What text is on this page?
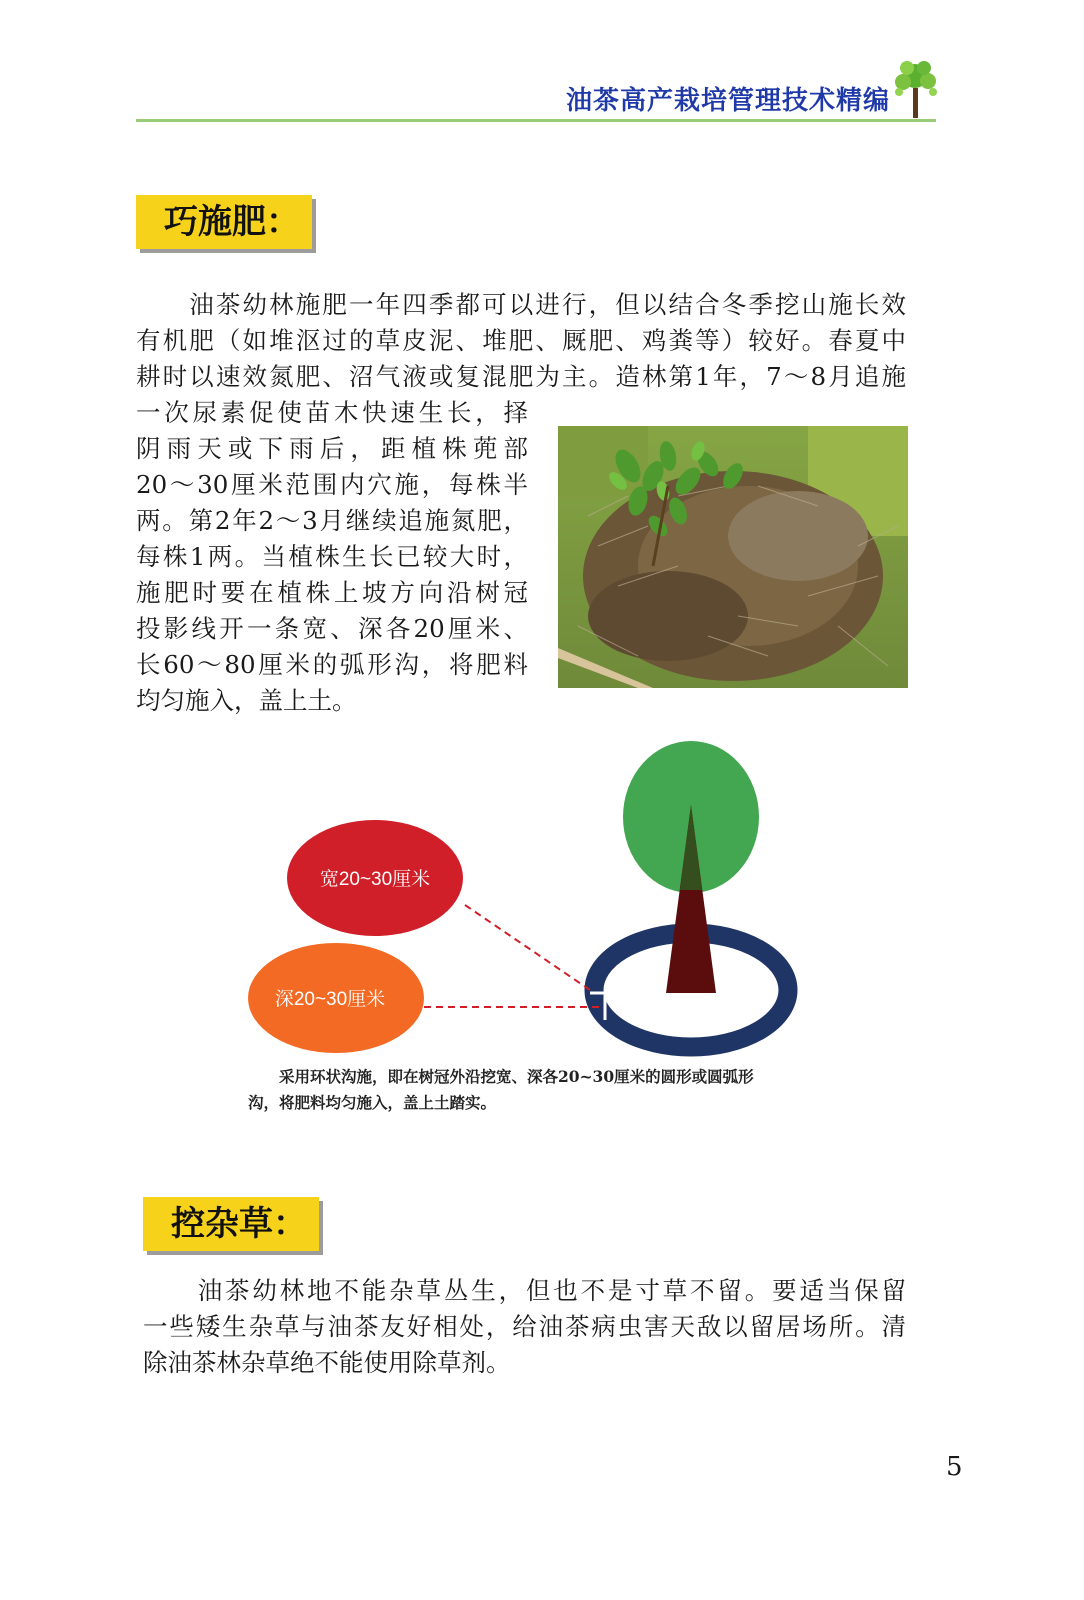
油茶高产栽培管理技术精编
巧施肥：

　　油茶幼林施肥一年四季都可以进行，但以结合冬季挖山施长效

有机肥（如堆沤过的草皮泥、堆肥、厩肥、鸡粪等）较好。春夏中

耕时以速效氮肥、沼气液或复混肥为主。造林第1年，7～8月追施

一次尿素促使苗木快速生长，择

阴雨天或下雨后，距植株蔸部

20～30厘米范围内穴施，每株半

两。第2年2～3月继续追施氮肥，

每株1两。当植株生长已较大时，

施肥时要在植株上坡方向沿树冠

投影线开一条宽、深各20厘米、

长60～80厘米的弧形沟，将肥料

均匀施入，盖上土。

宽20~30厘米
深20~30厘米
　　采用环状沟施，即在树冠外沿挖宽、深各20~30厘米的圆形或圆弧形
沟，将肥料均匀施入，盖上土踏实。
控杂草：

　　油茶幼林地不能杂草丛生，但也不是寸草不留。要适当保留

一些矮生杂草与油茶友好相处，给油茶病虫害天敌以留居场所。清

除油茶林杂草绝不能使用除草剂。

5
